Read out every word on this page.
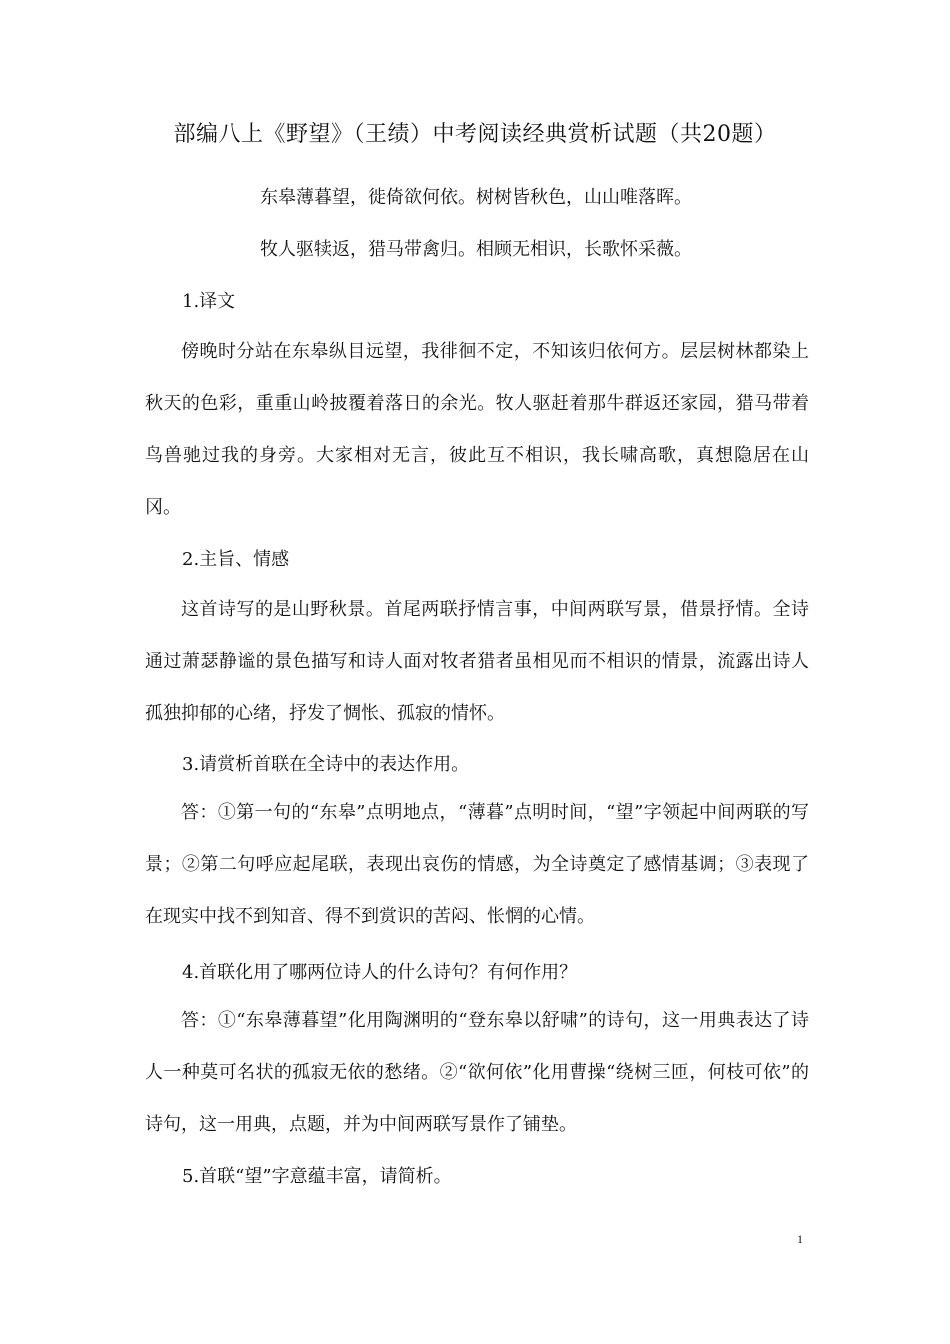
部编八上《野望》（王绩）中考阅读经典赏析试题（共20题）
东皋薄暮望，徙倚欲何依。树树皆秋色，山山唯落晖。
牧人驱犊返，猎马带禽归。相顾无相识，长歌怀采薇。
1.译文

傍晚时分站在东皋纵目远望，我徘徊不定，不知该归依何方。层层树林都染上秋天的色彩，重重山岭披覆着落日的余光。牧人驱赶着那牛群返还家园，猎马带着鸟兽驰过我的身旁。大家相对无言，彼此互不相识，我长啸高歌，真想隐居在山冈。

2.主旨、情感

这首诗写的是山野秋景。首尾两联抒情言事，中间两联写景，借景抒情。全诗通过萧瑟静谧的景色描写和诗人面对牧者猎者虽相见而不相识的情景，流露出诗人孤独抑郁的心绪，抒发了惆怅、孤寂的情怀。

3.请赏析首联在全诗中的表达作用。

答：①第一句的“东皋”点明地点，“薄暮”点明时间，“望”字领起中间两联的写景；②第二句呼应起尾联，表现出哀伤的情感，为全诗奠定了感情基调；③表现了在现实中找不到知音、得不到赏识的苦闷、怅惘的心情。

4.首联化用了哪两位诗人的什么诗句？有何作用？

答：①“东皋薄暮望”化用陶渊明的“登东皋以舒啸”的诗句，这一用典表达了诗人一种莫可名状的孤寂无依的愁绪。②“欲何依”化用曹操“绕树三匝，何枝可依”的诗句，这一用典，点题，并为中间两联写景作了铺垫。

5.首联“望”字意蕴丰富，请简析。
1
